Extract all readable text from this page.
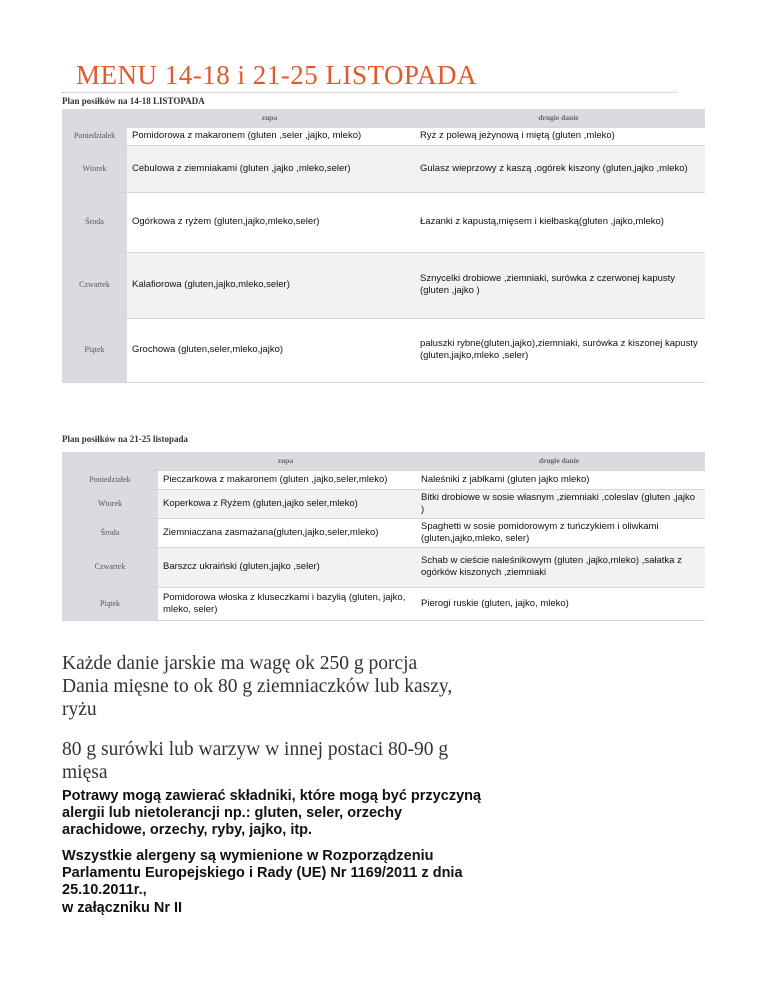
MENU 14-18 i 21-25 LISTOPADA

Plan posiłków na 14-18 LISTOPADA

	zupa	drugie danie
Poniedziałek	Pomidorowa z makaronem (gluten ,seler ,jajko, mleko)	Ryż z polewą jeżynową i miętą (gluten ,mleko)
Wtorek	Cebulowa z ziemniakami (gluten ,jajko ,mleko,seler)	Gulasz wieprzowy z kaszą ,ogórek kiszony (gluten,jajko ,mleko)
Środa	Ogórkowa z ryżem (gluten,jajko,mleko,seler)	Łazanki z kapustą,mięsem i kiełbaską(gluten ,jajko,mleko)
Czwartek	Kalafiorowa (gluten,jajko,mleko,seler)	Sznycelki drobiowe ,ziemniaki, surówka z czerwonej kapusty (gluten ,jajko )
Piątek	Grochowa (gluten,seler,mleko,jajko)	paluszki rybne(gluten,jajko),ziemniaki, surówka z kiszonej kapusty (gluten,jajko,mleko ,seler)

Plan posiłków na 21-25 listopada

	zupa	drugie danie
Poniedziałek	Pieczarkowa z makaronem (gluten ,jajko,seler,mleko)	Naleśniki z jabłkami (gluten jajko mleko)
Wtorek	Koperkowa z Ryżem (gluten,jajko seler,mleko)	Bitki drobiowe w sosie własnym ,ziemniaki ,coleslav (gluten ,jajko )
Środa	Ziemniaczana zasmażana(gluten,jajko,seler,mleko)	Spaghetti w sosie pomidorowym z tuńczykiem i oliwkami (gluten,jajko,mleko, seler)
Czwartek	Barszcz ukraiński (gluten,jajko ,seler)	Schab w cieście naleśnikowym (gluten ,jajko,mleko) ,sałatka z ogórków kiszonych ,ziemniaki
Piątek	Pomidorowa włoska z kluseczkami i bazylią (gluten, jajko, mleko, seler)	Pierogi ruskie (gluten, jajko, mleko)

Każde danie jarskie ma wagę ok 250 g porcja Dania mięsne to ok 80 g ziemniaczków lub kaszy, ryżu

80 g surówki lub warzyw w innej postaci 80-90 g mięsa

Potrawy mogą zawierać składniki, które mogą być przyczyną alergii lub nietolerancji np.: gluten, seler, orzechy arachidowe, orzechy, ryby, jajko, itp.

Wszystkie alergeny są wymienione w Rozporządzeniu Parlamentu Europejskiego i Rady (UE) Nr 1169/2011 z dnia 25.10.2011r.,

w załączniku Nr II
